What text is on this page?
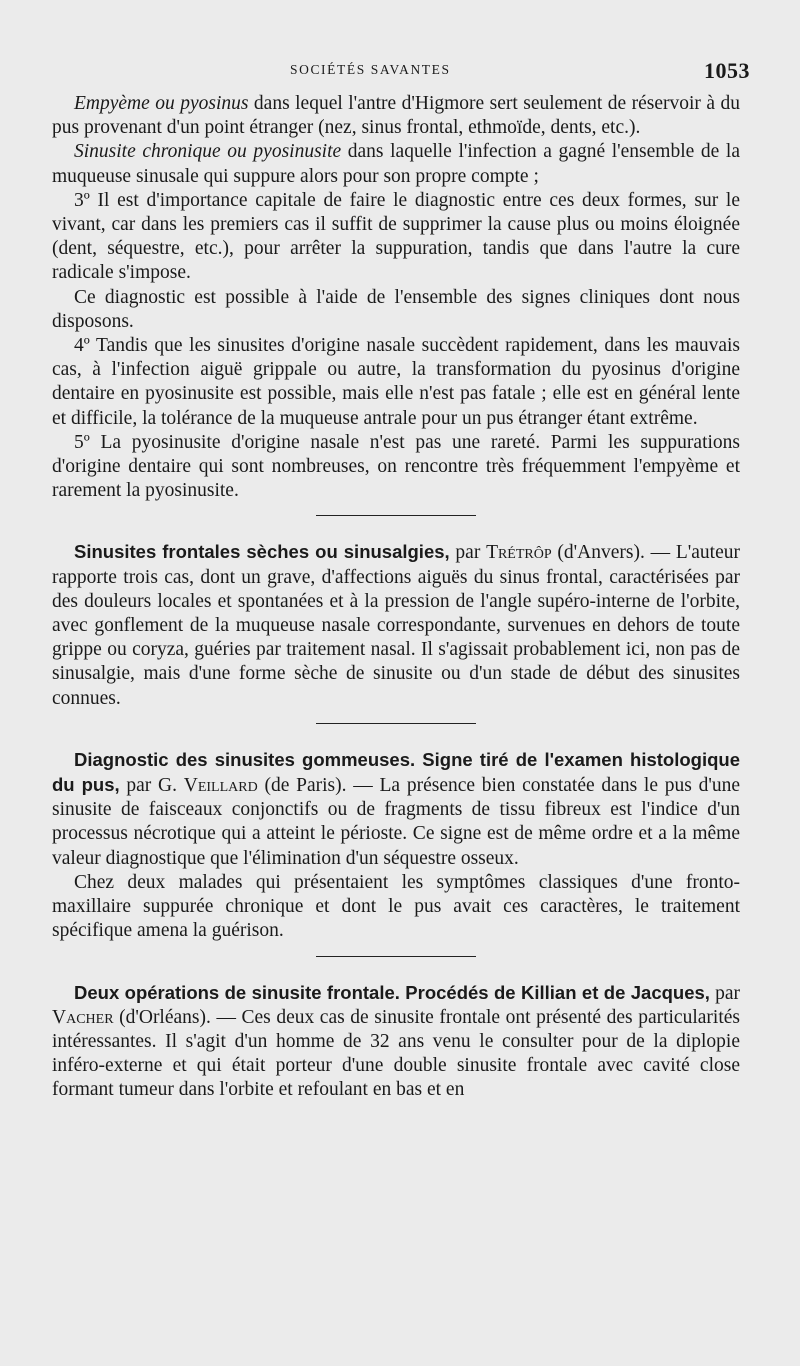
SOCIÉTÉS SAVANTES	1053

Empyème ou pyosinus dans lequel l'antre d'Higmore sert seulement de réservoir à du pus provenant d'un point étranger (nez, sinus frontal, ethmoïde, dents, etc.).

Sinusite chronique ou pyosinusite dans laquelle l'infection a gagné l'ensemble de la muqueuse sinusale qui suppure alors pour son propre compte ;

3º Il est d'importance capitale de faire le diagnostic entre ces deux formes, sur le vivant, car dans les premiers cas il suffit de supprimer la cause plus ou moins éloignée (dent, séquestre, etc.), pour arrêter la suppuration, tandis que dans l'autre la cure radicale s'impose.

Ce diagnostic est possible à l'aide de l'ensemble des signes cliniques dont nous disposons.

4º Tandis que les sinusites d'origine nasale succèdent rapidement, dans les mauvais cas, à l'infection aiguë grippale ou autre, la transformation du pyosinus d'origine dentaire en pyosinusite est possible, mais elle n'est pas fatale ; elle est en général lente et difficile, la tolérance de la muqueuse antrale pour un pus étranger étant extrême.

5º La pyosinusite d'origine nasale n'est pas une rareté. Parmi les suppurations d'origine dentaire qui sont nombreuses, on rencontre très fréquemment l'empyème et rarement la pyosinusite.

Sinusites frontales sèches ou sinusalgies, par Trétrôp (d'Anvers). — L'auteur rapporte trois cas, dont un grave, d'affections aiguës du sinus frontal, caractérisées par des douleurs locales et spontanées et à la pression de l'angle supéro-interne de l'orbite, avec gonflement de la muqueuse nasale correspondante, survenues en dehors de toute grippe ou coryza, guéries par traitement nasal. Il s'agissait probablement ici, non pas de sinusalgie, mais d'une forme sèche de sinusite ou d'un stade de début des sinusites connues.

Diagnostic des sinusites gommeuses. Signe tiré de l'examen histologique du pus, par G. Veillard (de Paris). — La présence bien constatée dans le pus d'une sinusite de faisceaux conjonctifs ou de fragments de tissu fibreux est l'indice d'un processus nécrotique qui a atteint le périoste. Ce signe est de même ordre et a la même valeur diagnostique que l'élimination d'un séquestre osseux.

Chez deux malades qui présentaient les symptômes classiques d'une fronto-maxillaire suppurée chronique et dont le pus avait ces caractères, le traitement spécifique amena la guérison.

Deux opérations de sinusite frontale. Procédés de Killian et de Jacques, par Vacher (d'Orléans). — Ces deux cas de sinusite frontale ont présenté des particularités intéressantes. Il s'agit d'un homme de 32 ans venu le consulter pour de la diplopie inféro-externe et qui était porteur d'une double sinusite frontale avec cavité close formant tumeur dans l'orbite et refoulant en bas et en
